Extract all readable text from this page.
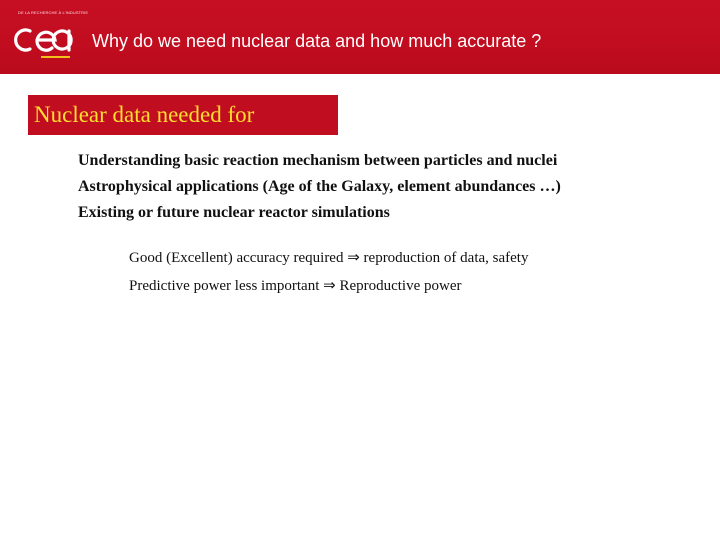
DE LA RECHERCHE À L'INDUSTRIE
Why do we need nuclear data and how much accurate ?
Nuclear data needed for
Understanding basic reaction mechanism between particles and nuclei
Astrophysical applications (Age of the Galaxy, element abundances …)
Existing or future nuclear reactor simulations
Good (Excellent) accuracy required ⇒ reproduction of data, safety
Predictive power less important ⇒ Reproductive power
